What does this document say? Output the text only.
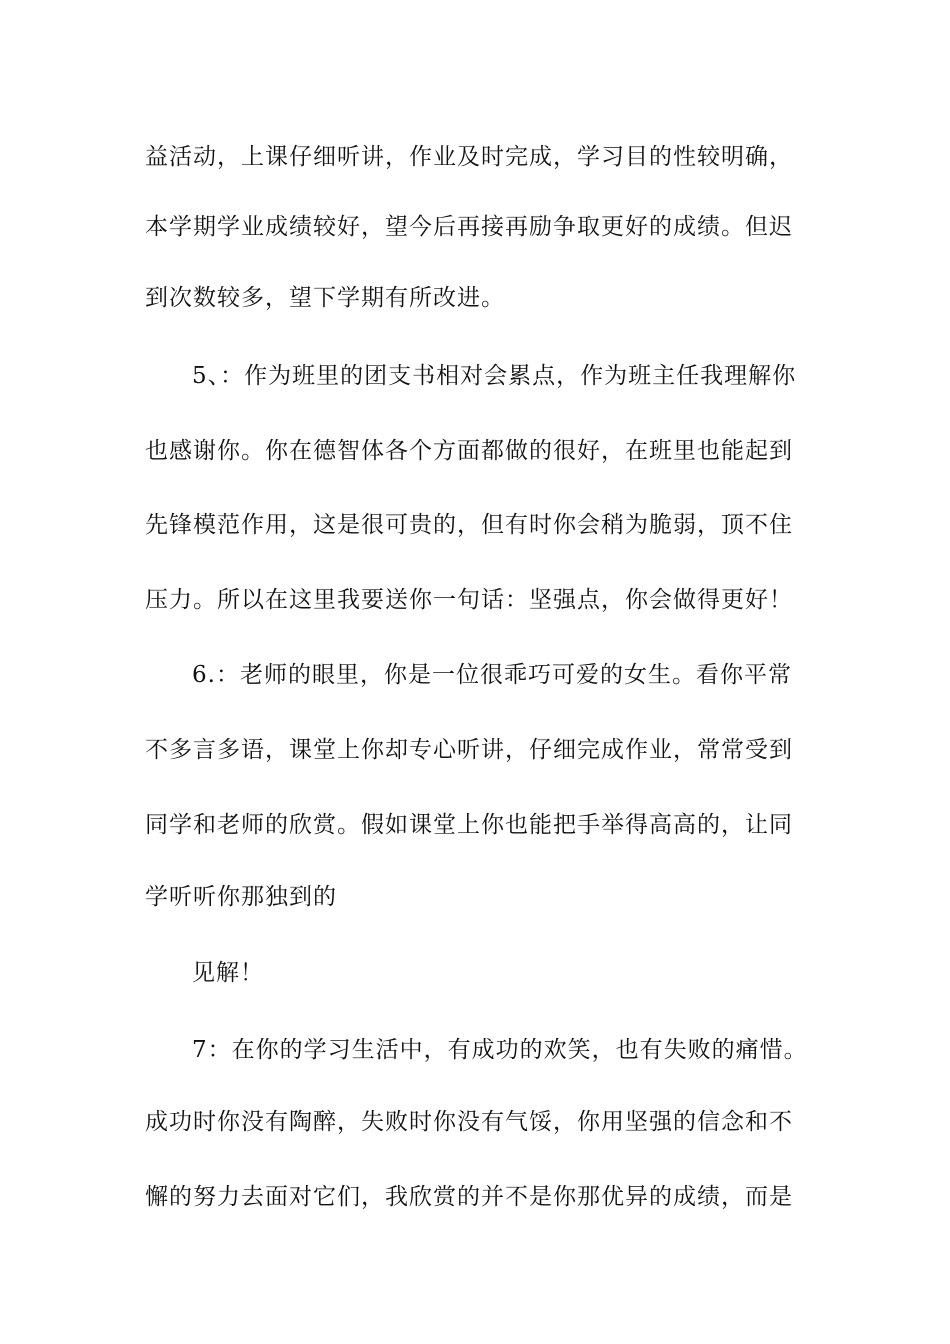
益活动，上课仔细听讲，作业及时完成，学习目的性较明确，
本学期学业成绩较好，望今后再接再励争取更好的成绩。但迟
到次数较多，望下学期有所改进。
5、：作为班里的团支书相对会累点，作为班主任我理解你
也感谢你。你在德智体各个方面都做的很好，在班里也能起到
先锋模范作用，这是很可贵的，但有时你会稍为脆弱，顶不住
压力。所以在这里我要送你一句话：坚强点，你会做得更好！
6.：老师的眼里，你是一位很乖巧可爱的女生。看你平常
不多言多语，课堂上你却专心听讲，仔细完成作业，常常受到
同学和老师的欣赏。假如课堂上你也能把手举得高高的，让同
学听听你那独到的
见解！
7：在你的学习生活中，有成功的欢笑，也有失败的痛惜。
成功时你没有陶醉，失败时你没有气馁，你用坚强的信念和不
懈的努力去面对它们，我欣赏的并不是你那优异的成绩，而是
